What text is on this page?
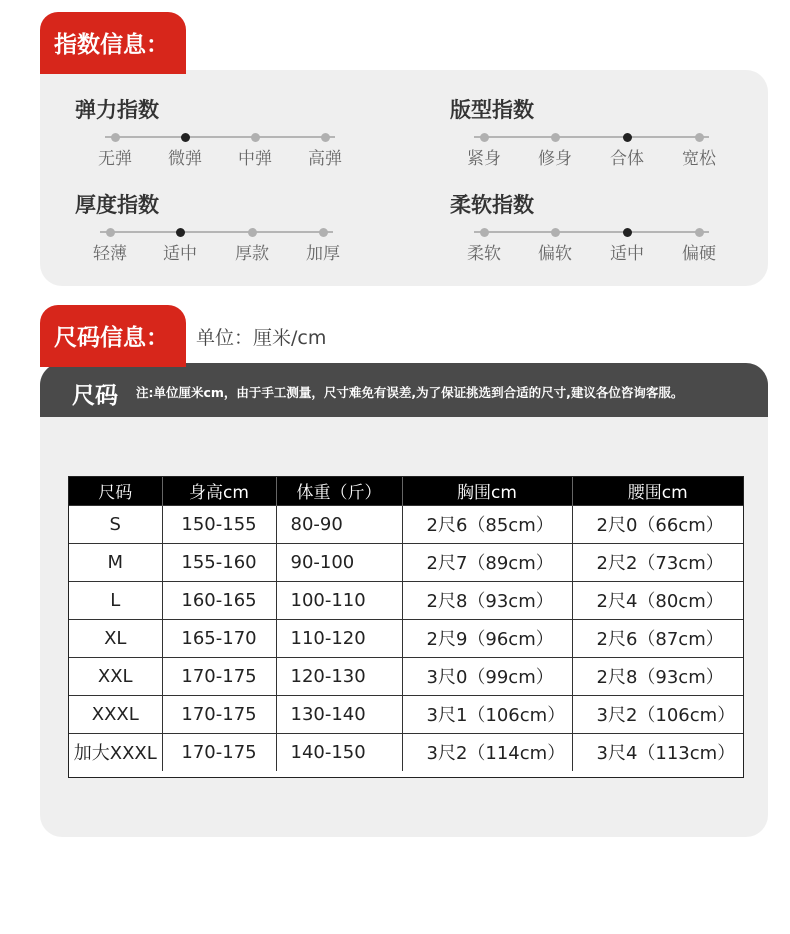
指数信息：
弹力指数	版型指数
厚度指数	柔软指数
无弹 微弹 中弹 高弹	紧身 修身 合体 宽松
轻薄 适中 厚款 加厚	柔软 偏软 适中 偏硬
尺码信息：	单位：厘米/cm
尺码 注:单位厘米cm，由于手工测量，尺寸难免有误差,为了保证挑选到合适的尺寸,建议各位咨询客服。
尺码	身高cm	体重（斤）	胸围cm	腰围cm
S	150-155	80-90	2尺6（85cm）	2尺0（66cm）
M	155-160	90-100	2尺7（89cm）	2尺2（73cm）
L	160-165	100-110	2尺8（93cm）	2尺4（80cm）
XL	165-170	110-120	2尺9（96cm）	2尺6（87cm）
XXL	170-175	120-130	3尺0（99cm）	2尺8（93cm）
XXXL	170-175	130-140	3尺1（106cm）	3尺2（106cm）
加大XXXL	170-175	140-150	3尺2（114cm）	3尺4（113cm）
